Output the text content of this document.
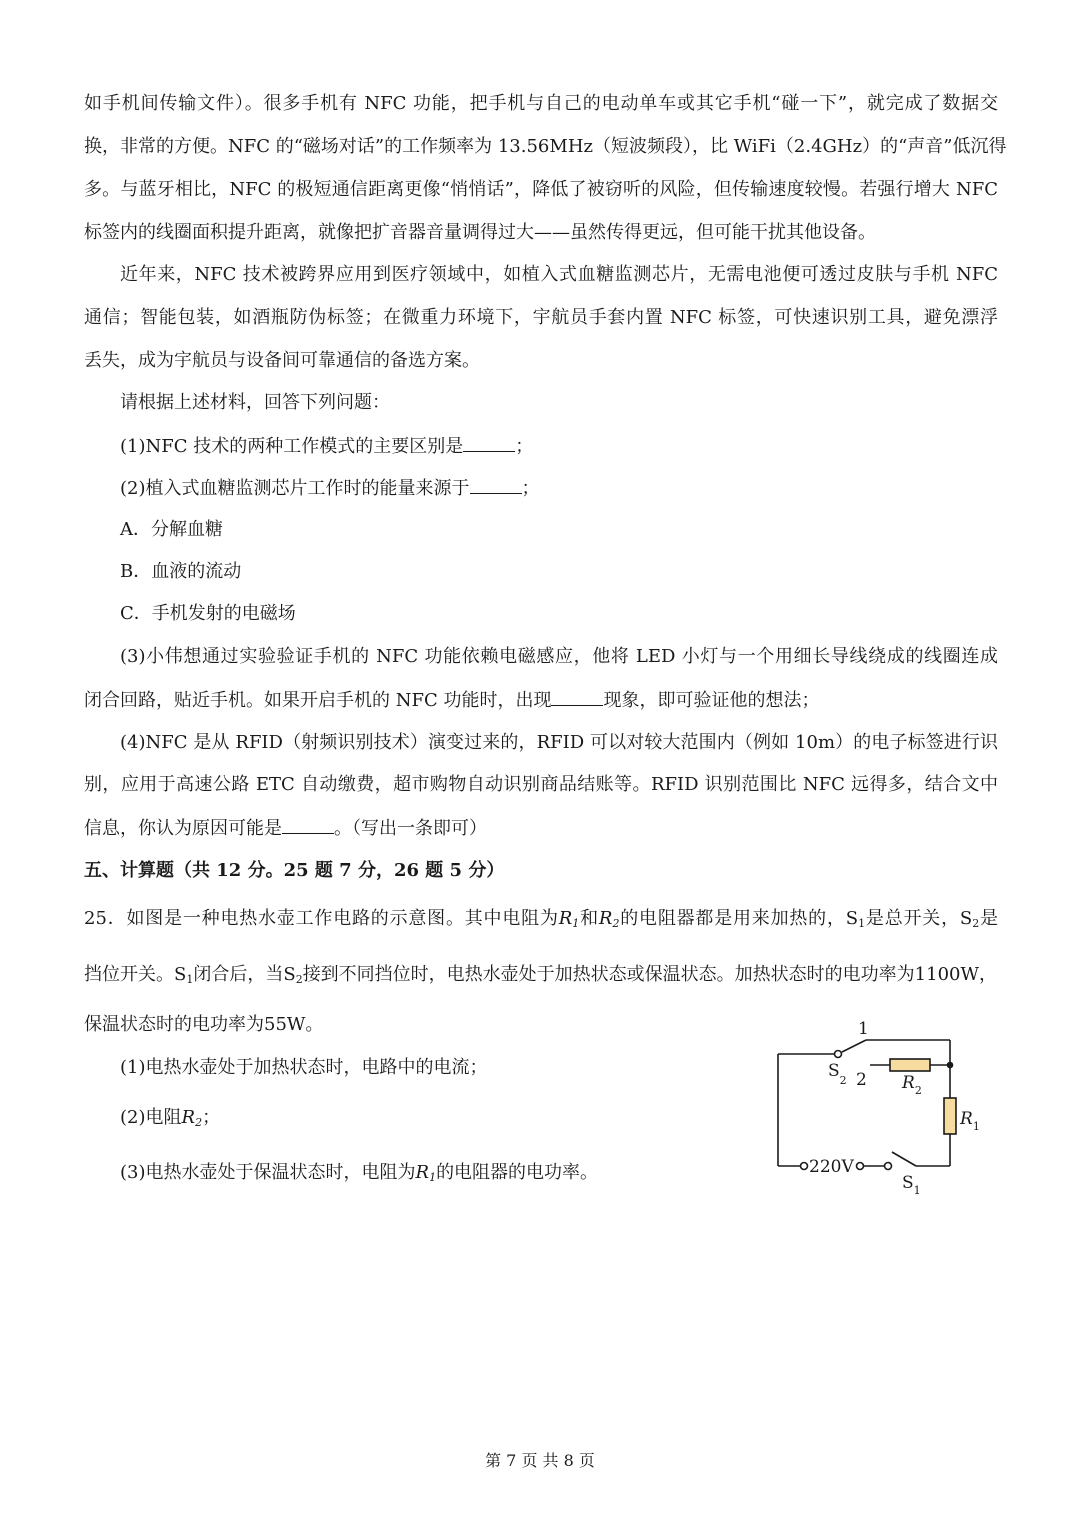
如手机间传输文件）。很多手机有 NFC 功能，把手机与自己的电动单车或其它手机“碰一下”，就完成了数据交
换，非常的方便。NFC 的“磁场对话”的工作频率为 13.56MHz（短波频段），比 WiFi（2.4GHz）的“声音”低沉得
多。与蓝牙相比，NFC 的极短通信距离更像“悄悄话”，降低了被窃听的风险，但传输速度较慢。若强行增大 NFC
标签内的线圈面积提升距离，就像把扩音器音量调得过大——虽然传得更远，但可能干扰其他设备。
近年来，NFC 技术被跨界应用到医疗领域中，如植入式血糖监测芯片，无需电池便可透过皮肤与手机 NFC
通信；智能包装，如酒瓶防伪标签；在微重力环境下，宇航员手套内置 NFC 标签，可快速识别工具，避免漂浮
丢失，成为宇航员与设备间可靠通信的备选方案。
请根据上述材料，回答下列问题：
(1)NFC 技术的两种工作模式的主要区别是	；
(2)植入式血糖监测芯片工作时的能量来源于	；
A．分解血糖
B．血液的流动
C．手机发射的电磁场
(3)小伟想通过实验验证手机的 NFC 功能依赖电磁感应，他将 LED 小灯与一个用细长导线绕成的线圈连成
闭合回路，贴近手机。如果开启手机的 NFC 功能时，出现	现象，即可验证他的想法；
(4)NFC 是从 RFID（射频识别技术）演变过来的，RFID 可以对较大范围内（例如 10m）的电子标签进行识
别，应用于高速公路 ETC 自动缴费，超市购物自动识别商品结账等。RFID 识别范围比 NFC 远得多，结合文中
信息，你认为原因可能是	。（写出一条即可）
五、计算题（共 12 分。25 题 7 分，26 题 5 分）
25．如图是一种电热水壶工作电路的示意图。其中电阻为$R_1$和$R_2$的电阻器都是用来加热的，$S_1$是总开关，$S_2$是
挡位开关。$S_1$闭合后，当$S_2$接到不同挡位时，电热水壶处于加热状态或保温状态。加热状态时的电功率为1100W，
保温状态时的电功率为55W。
(1)电热水壶处于加热状态时，电路中的电流；
(2)电阻$R_2$；
(3)电热水壶处于保温状态时，电阻为$R_1$的电阻器的电功率。
1
2
$S_2$	$R_2$
$R_1$
220V
$S_1$
第 7 页 共 8 页
